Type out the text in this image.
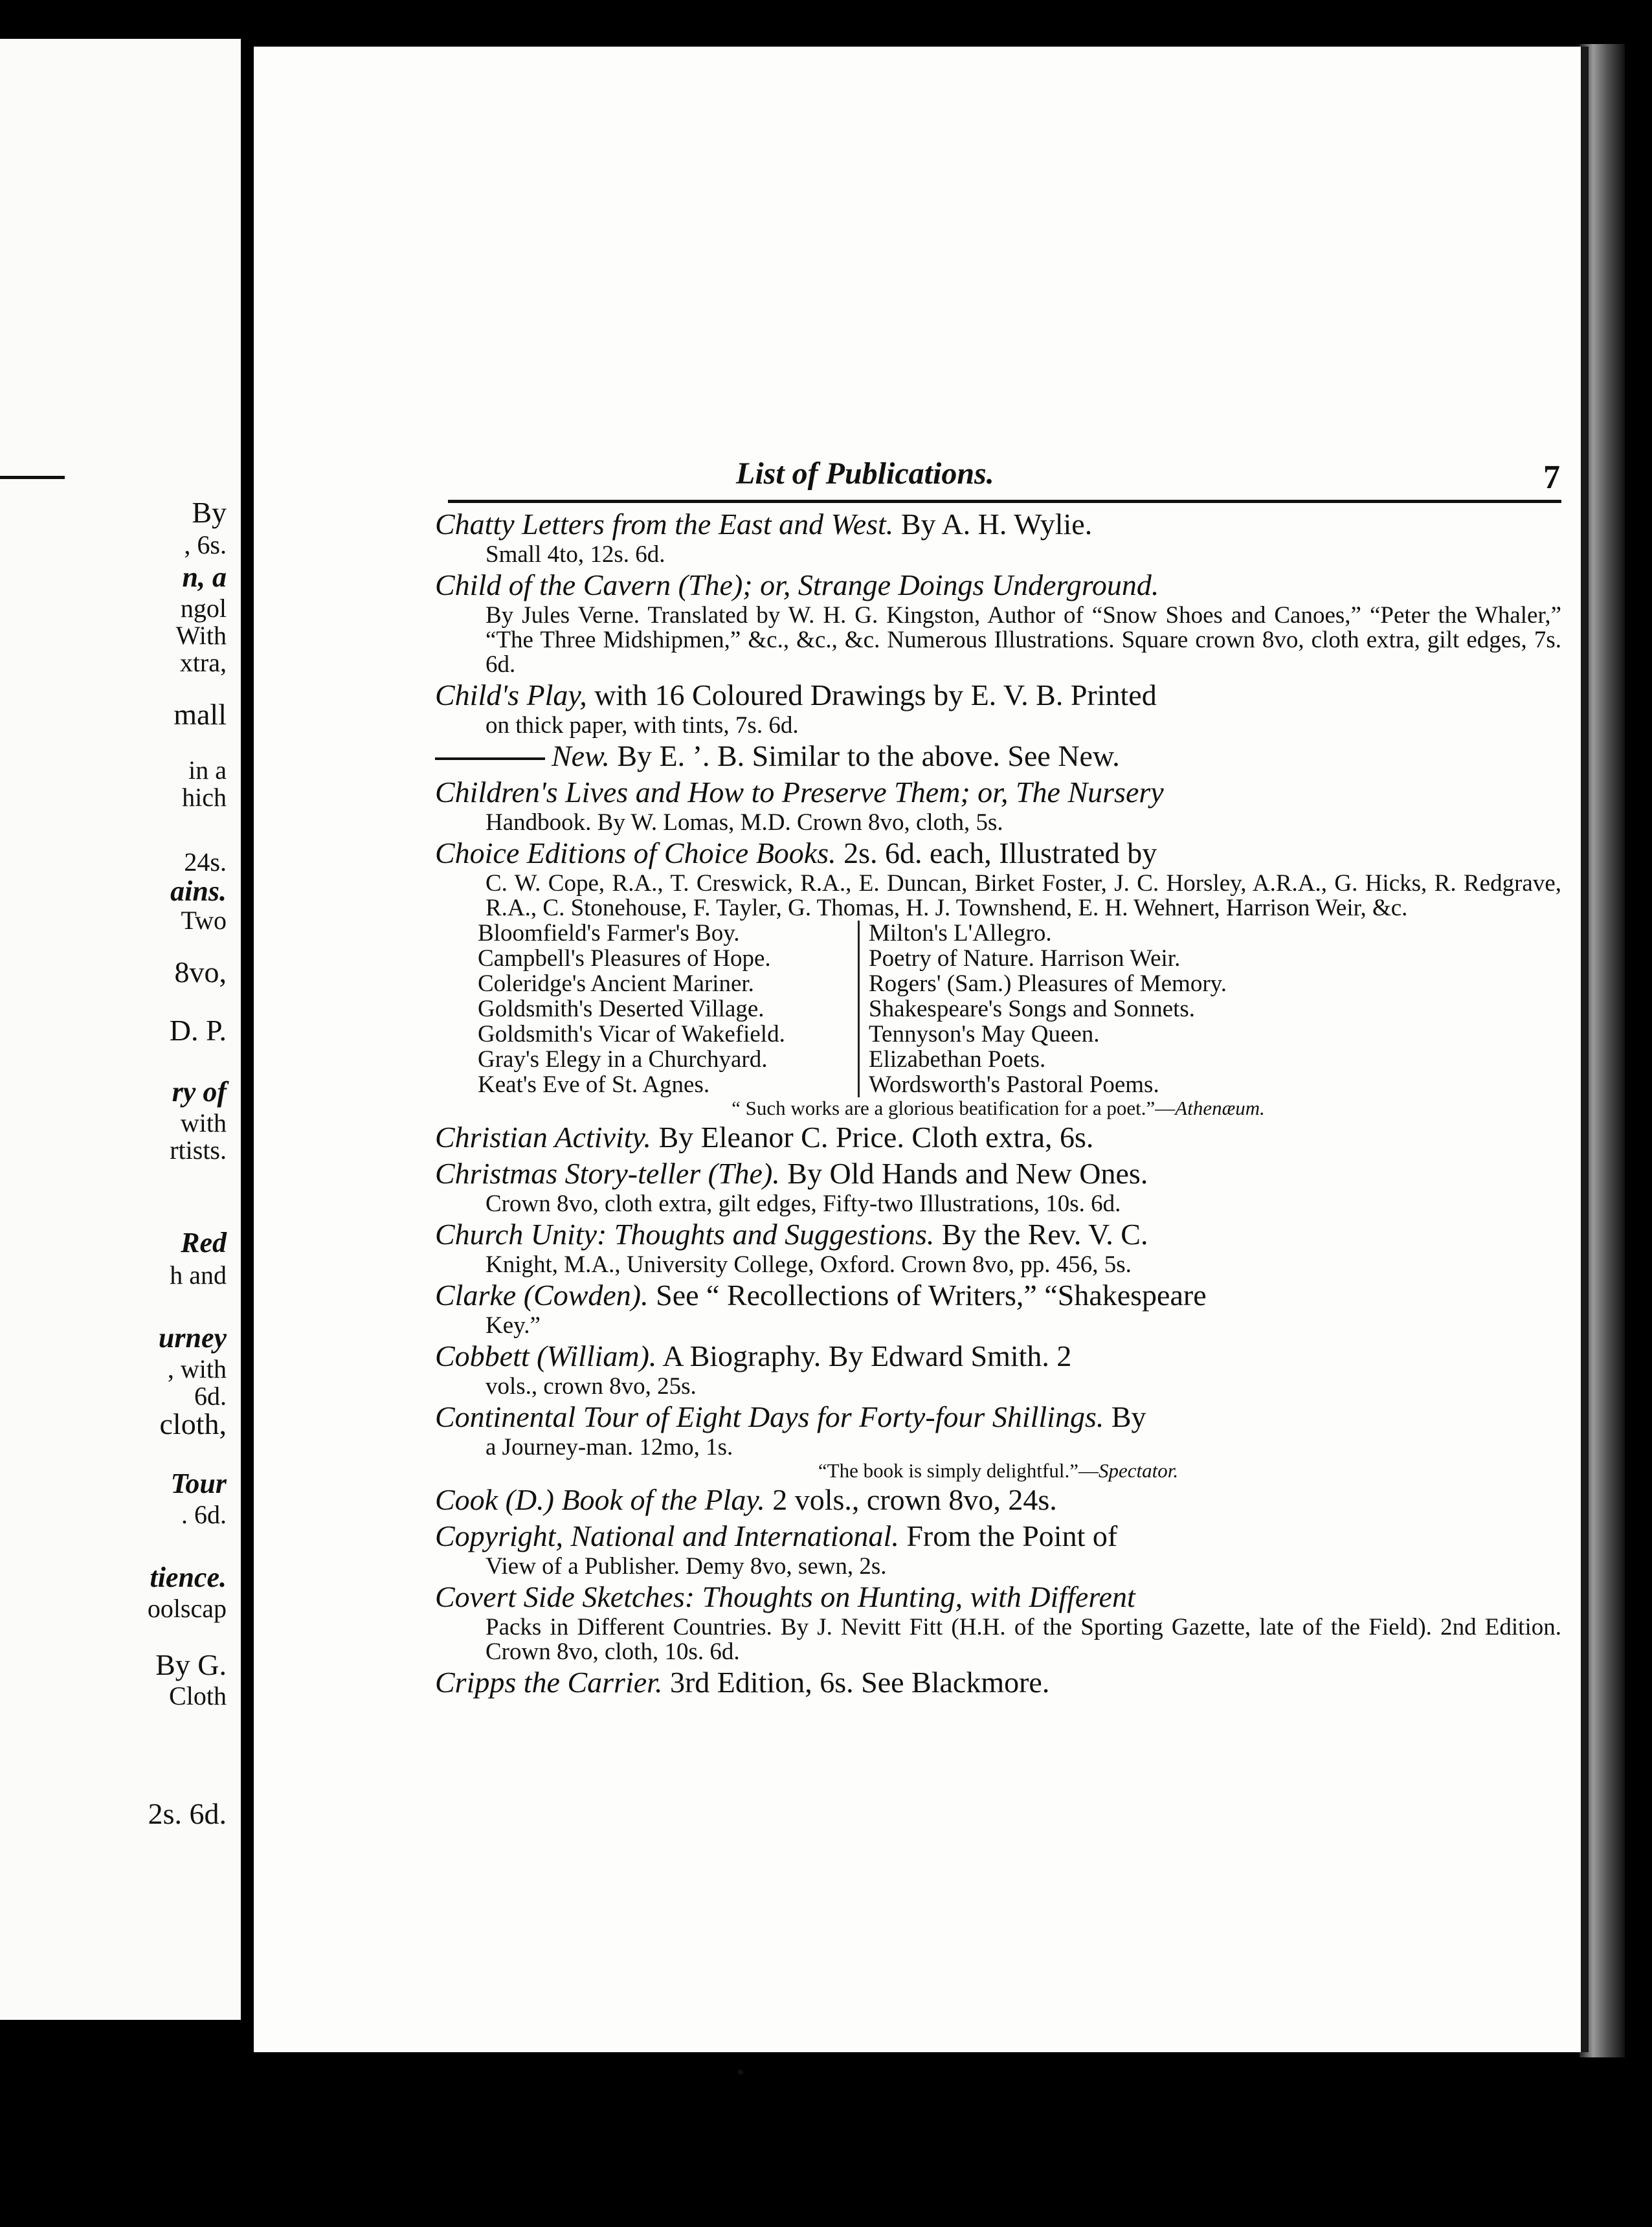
By
, 6s.
n, a
ngol
With
xtra,
mall
in a
hich
24s.
ains.
Two
8vo,
D. P.
ry of
with
rtists.
Red
h and
urney
, with
6d.
cloth,
Tour
. 6d.
tience.
oolscap
By G.
Cloth
2s. 6d.
List of Publications.	7
Chatty Letters from the East and West. By A. H. Wylie.
Small 4to, 12s. 6d.
Child of the Cavern (The); or, Strange Doings Underground.
By Jules Verne. Translated by W. H. G. Kingston, Author of “Snow Shoes and Canoes,” “Peter the Whaler,” “The Three Midshipmen,” &c., &c., &c. Numerous Illustrations. Square crown 8vo, cloth extra, gilt edges, 7s. 6d.
Child's Play, with 16 Coloured Drawings by E. V. B. Printed
on thick paper, with tints, 7s. 6d.
New. By E. ’. B. Similar to the above. See New.
Children's Lives and How to Preserve Them; or, The Nursery
Handbook. By W. Lomas, M.D. Crown 8vo, cloth, 5s.
Choice Editions of Choice Books. 2s. 6d. each, Illustrated by
C. W. Cope, R.A., T. Creswick, R.A., E. Duncan, Birket Foster, J. C. Horsley, A.R.A., G. Hicks, R. Redgrave, R.A., C. Stonehouse, F. Tayler, G. Thomas, H. J. Townshend, E. H. Wehnert, Harrison Weir, &c.
Bloomfield's Farmer's Boy.
Campbell's Pleasures of Hope.
Coleridge's Ancient Mariner.
Goldsmith's Deserted Village.
Goldsmith's Vicar of Wakefield.
Gray's Elegy in a Churchyard.
Keat's Eve of St. Agnes.
Milton's L'Allegro.
Poetry of Nature. Harrison Weir.
Rogers' (Sam.) Pleasures of Memory.
Shakespeare's Songs and Sonnets.
Tennyson's May Queen.
Elizabethan Poets.
Wordsworth's Pastoral Poems.
“ Such works are a glorious beatification for a poet.”—Athenæum.
Christian Activity. By Eleanor C. Price. Cloth extra, 6s.
Christmas Story-teller (The). By Old Hands and New Ones.
Crown 8vo, cloth extra, gilt edges, Fifty-two Illustrations, 10s. 6d.
Church Unity: Thoughts and Suggestions. By the Rev. V. C.
Knight, M.A., University College, Oxford. Crown 8vo, pp. 456, 5s.
Clarke (Cowden). See “ Recollections of Writers,” “Shakespeare
Key.”
Cobbett (William). A Biography. By Edward Smith. 2
vols., crown 8vo, 25s.
Continental Tour of Eight Days for Forty-four Shillings. By
a Journey-man. 12mo, 1s.
“The book is simply delightful.”—Spectator.
Cook (D.) Book of the Play. 2 vols., crown 8vo, 24s.
Copyright, National and International. From the Point of
View of a Publisher. Demy 8vo, sewn, 2s.
Covert Side Sketches: Thoughts on Hunting, with Different
Packs in Different Countries. By J. Nevitt Fitt (H.H. of the Sporting Gazette, late of the Field). 2nd Edition. Crown 8vo, cloth, 10s. 6d.
Cripps the Carrier. 3rd Edition, 6s. See Blackmore.
